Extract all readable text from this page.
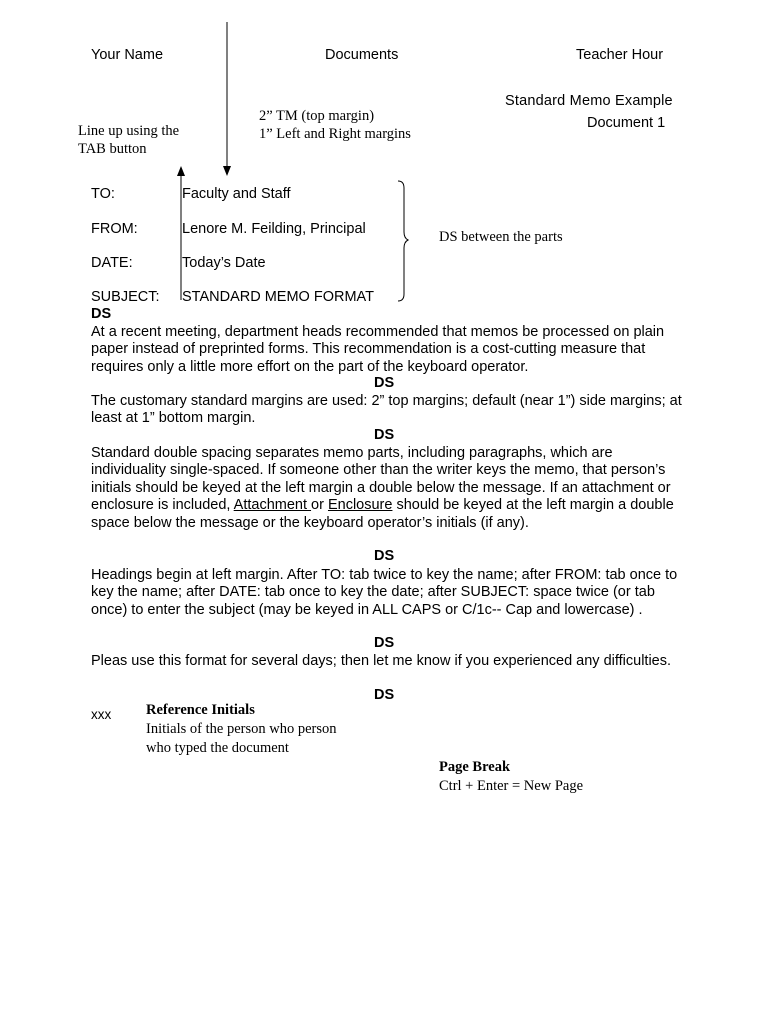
Your Name	Documents	Teacher Hour
Standard Memo Example
Document 1
2” TM (top margin)
1” Left and Right margins
Line up using the
TAB button
DS between the parts
TO:	Faculty and Staff
FROM:	Lenore M. Feilding, Principal
DATE:	Today’s Date
SUBJECT: STANDARD MEMO FORMAT
DS
At a recent meeting, department heads recommended that memos be processed on plain paper instead of preprinted forms. This recommendation is a cost-cutting measure that requires only a little more effort on the part of the keyboard operator.
DS
The customary standard margins are used: 2” top margins; default (near 1”) side margins; at least at 1” bottom margin.
DS
Standard double spacing separates memo parts, including paragraphs, which are individuality single-spaced. If someone other than the writer keys the memo, that person’s initials should be keyed at the left margin a double below the message. If an attachment or enclosure is included, Attachment or Enclosure should be keyed at the left margin a double space below the message or the keyboard operator’s initials (if any).
DS
Headings begin at left margin. After TO: tab twice to key the name; after FROM: tab once to key the name; after DATE: tab once to key the date; after SUBJECT: space twice (or tab once) to enter the subject (may be keyed in ALL CAPS or C/1c-- Cap and lowercase) .
DS
Pleas use this format for several days; then let me know if you experienced any difficulties.
DS
xxx Reference Initials
Initials of the person who person
who typed the document
Page Break
Ctrl + Enter = New Page
